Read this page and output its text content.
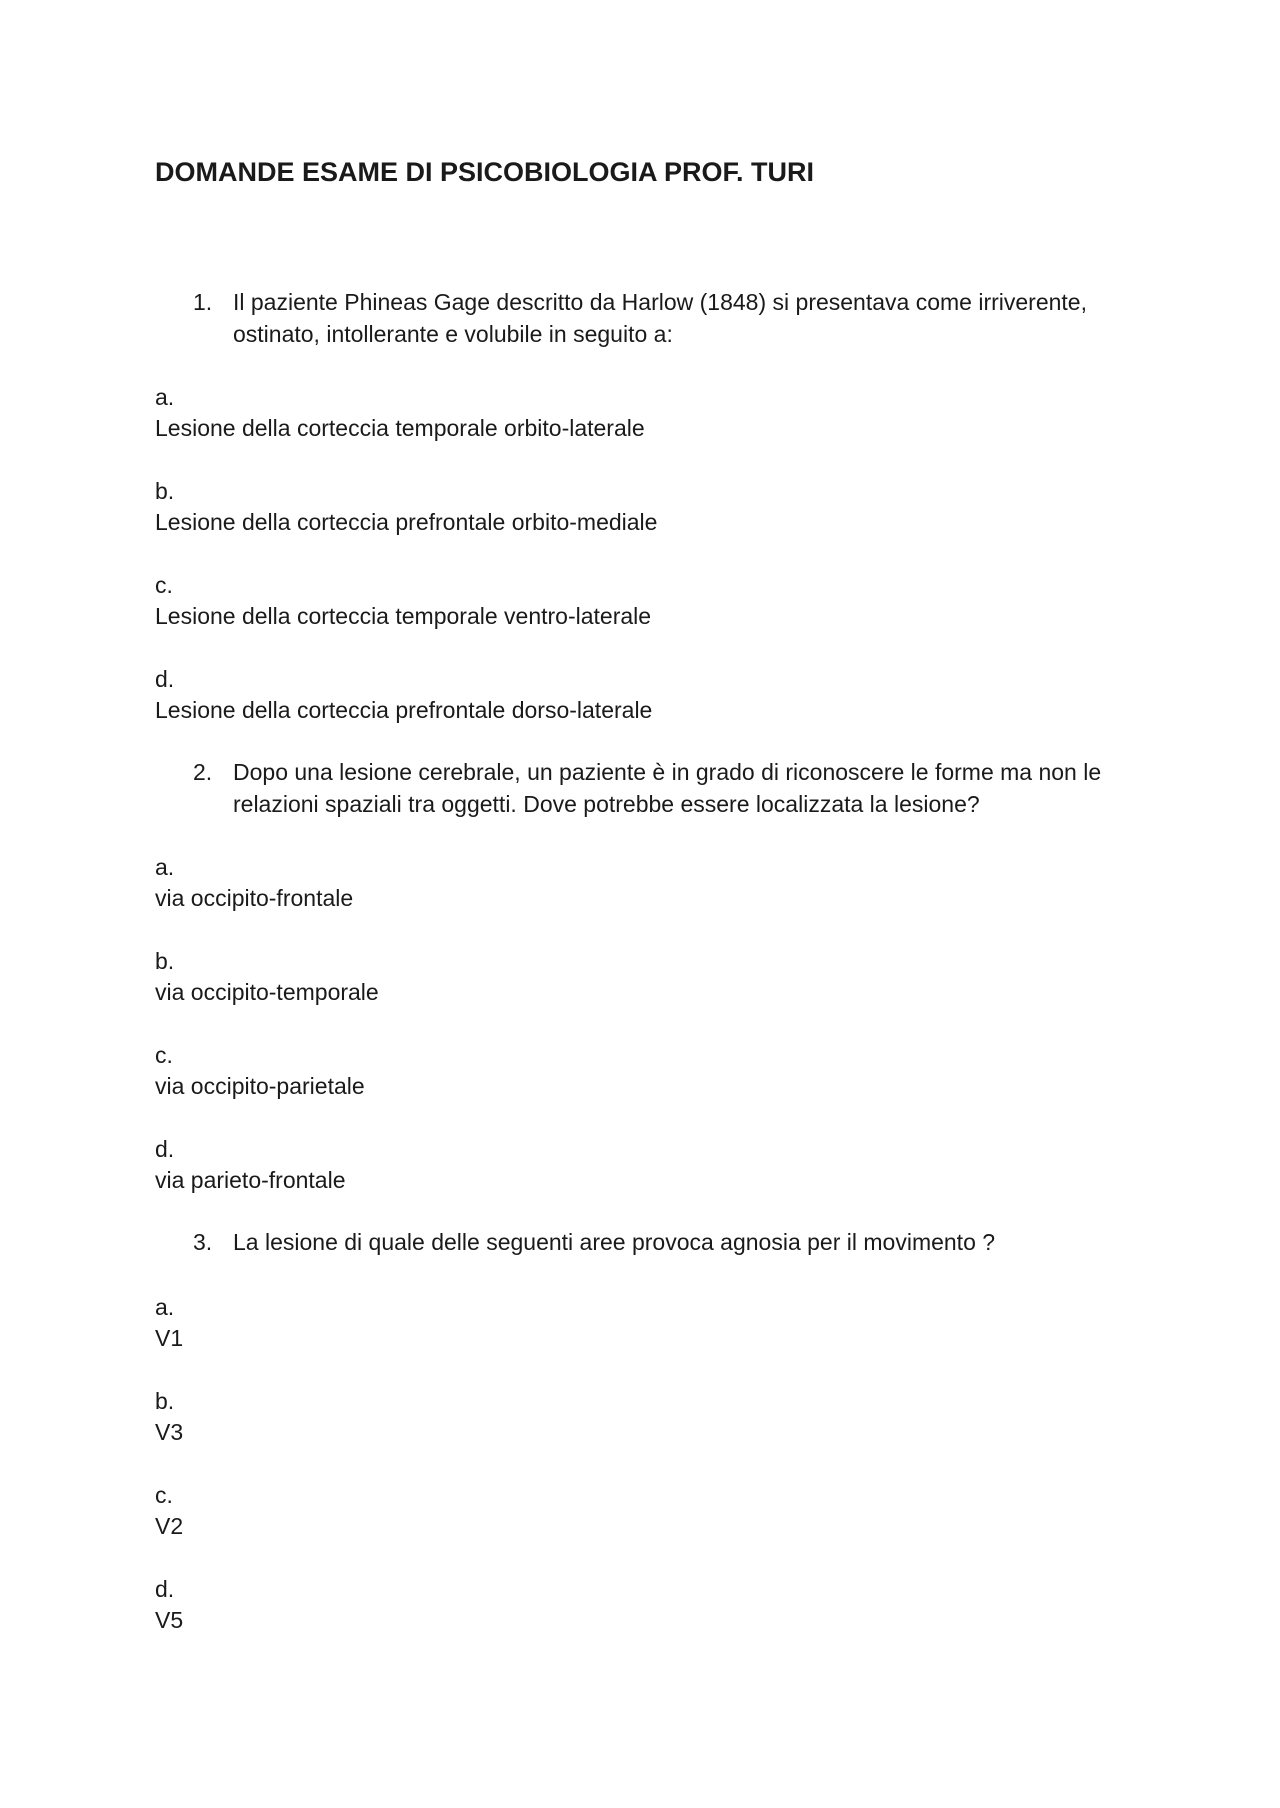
DOMANDE ESAME DI PSICOBIOLOGIA PROF. TURI
1. Il paziente Phineas Gage descritto da Harlow (1848) si presentava come irriverente, ostinato, intollerante e volubile in seguito a:
a.
Lesione della corteccia temporale orbito-laterale
b.
Lesione della corteccia prefrontale orbito-mediale
c.
Lesione della corteccia temporale ventro-laterale
d.
Lesione della corteccia prefrontale dorso-laterale
2. Dopo una lesione cerebrale, un paziente è in grado di riconoscere le forme ma non le relazioni spaziali tra oggetti. Dove potrebbe essere localizzata la lesione?
a.
via occipito-frontale
b.
via occipito-temporale
c.
via occipito-parietale
d.
via parieto-frontale
3. La lesione di quale delle seguenti aree provoca agnosia per il movimento ?
a.
V1
b.
V3
c.
V2
d.
V5
